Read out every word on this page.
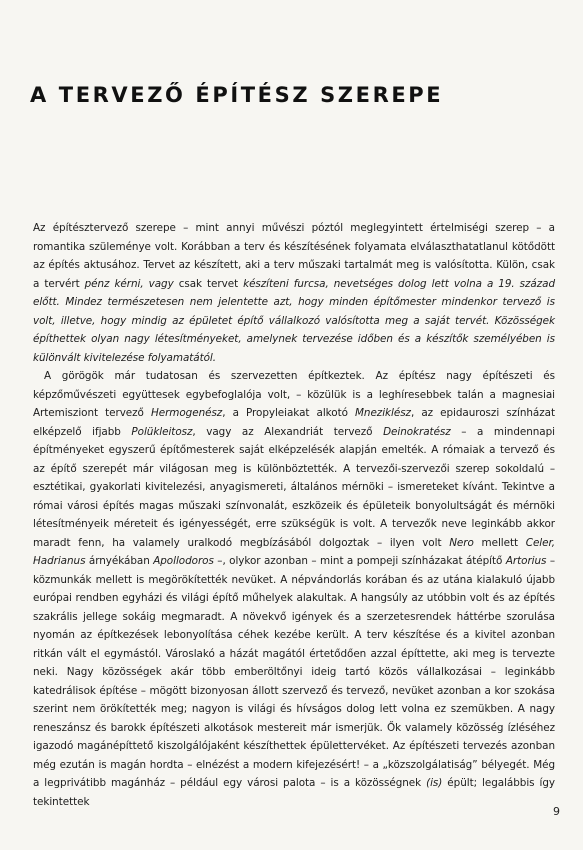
A TERVEZŐ ÉPÍTÉSZ SZEREPE

Az építésztervező szerepe – mint annyi művészi póztól meglegyintett értelmiségi szerep – a romantika szüleménye volt. Korábban a terv és készítésének folyamata elválaszthatatlanul kötődött az építés aktusához. Tervet az készített, aki a terv műszaki tartalmát meg is valósította. Külön, csak a tervért pénz kérni, vagy csak tervet készíteni furcsa, nevetséges dolog lett volna a 19. század előtt. Mindez természetesen nem jelentette azt, hogy minden építőmester mindenkor tervező is volt, illetve, hogy mindig az épületet építő vállalkozó valósította meg a saját tervét. Közösségek építhettek olyan nagy létesítményeket, amelynek tervezése időben és a készítők személyében is különvált kivitelezése folyamatától.

A görögök már tudatosan és szervezetten építkeztek. Az építész nagy építészeti és képzőművészeti együttesek egybefoglalója volt, – közülük is a leghíresebbek talán a magnesiai Artemisziont tervező Hermogenész, a Propyleiakat alkotó Mneziklész, az epidauroszi színházat elképzelő ifjabb Polükleitosz, vagy az Alexandriát tervező Deinokratész – a mindennapi építményeket egyszerű építőmesterek saját elképzelésék alapján emelték. A rómaiak a tervező és az építő szerepét már világosan meg is különböztették. A tervezői-szervezői szerep sokoldalú – esztétikai, gyakorlati kivitelezési, anyagismereti, általános mérnöki – ismereteket kívánt. Tekintve a római városi építés magas műszaki színvonalát, eszközeik és épületeik bonyolultságát és mérnöki létesítményeik méreteit és igényességét, erre szükségük is volt. A tervezők neve leginkább akkor maradt fenn, ha valamely uralkodó megbízásából dolgoztak – ilyen volt Nero mellett Celer, Hadrianus árnyékában Apollodoros –, olykor azonban – mint a pompeji színházakat átépítő Artorius – közmunkák mellett is megörökítették nevüket. A népvándorlás korában és az utána kialakuló újabb európai rendben egyházi és világi építő műhelyek alakultak. A hangsúly az utóbbin volt és az építés szakrális jellege sokáig megmaradt. A növekvő igények és a szerzetesrendek háttérbe szorulása nyomán az építkezések lebonyolítása céhek kezébe került. A terv készítése és a kivitel azonban ritkán vált el egymástól. Városlakó a házát magától értetődően azzal építtette, aki meg is tervezte neki. Nagy közösségek akár több emberöltőnyi ideig tartó közös vállalkozásai – leginkább katedrálisok építése – mögött bizonyosan állott szervező és tervező, nevüket azonban a kor szokása szerint nem örökítették meg; nagyon is világi és hívságos dolog lett volna ez szemükben. A nagy reneszánsz és barokk építészeti alkotások mestereit már ismerjük. Ők valamely közösség ízléséhez igazodó magánépíttető kiszolgálójaként készíthettek épülettervéket. Az építészeti tervezés azonban még ezután is magán hordta – elnézést a modern kifejezésért! – a „közszolgálatiság” bélyegét. Még a legprivátibb magánház – például egy városi palota – is a közösségnek (is) épült; legalábbis így tekintettek

9
